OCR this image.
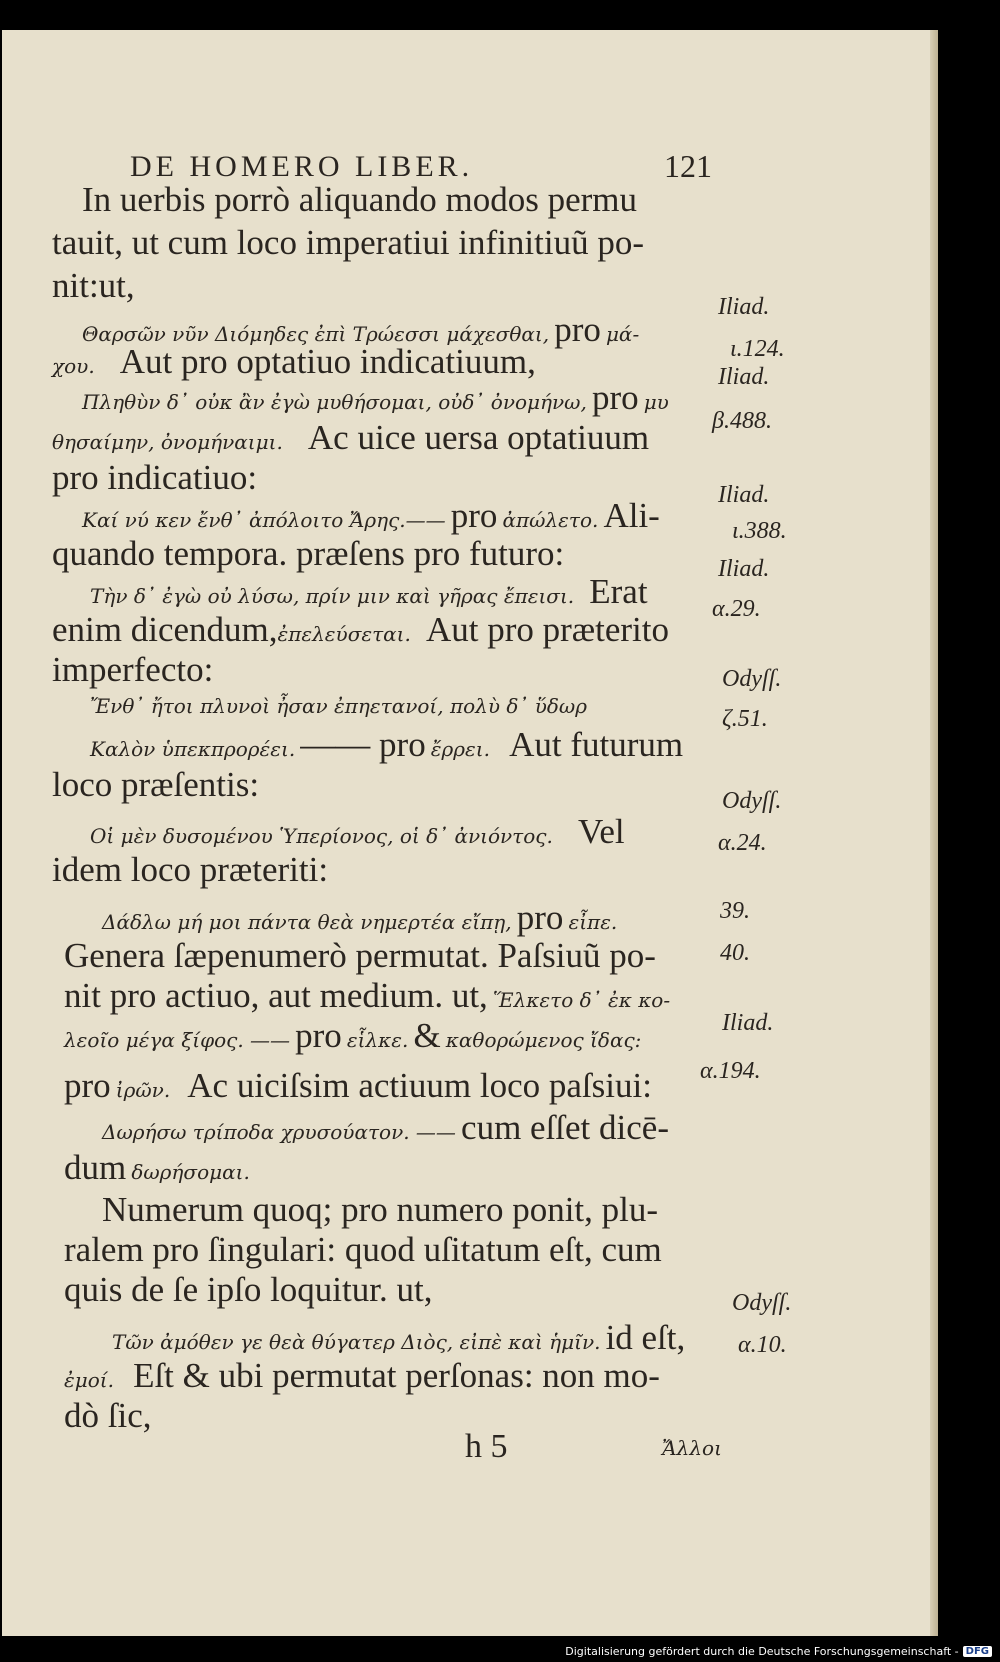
DE HOMERO LIBER.	121
In uerbis porrò aliquando modos permu
tauit, ut cum loco imperatiui infinitiuũ po-
nit:ut,
Θαρσῶν νῦν Διόμηδες ἐπὶ Τρώεσσι μάχεσθαι, pro μά-
χου. Aut pro optatiuo indicatiuum,
Πληθὺν δ᾽ οὐκ ἂν ἐγὼ μυθήσομαι, οὐδ᾽ ὀνομήνω, pro μυ
θησαίμην, ὀνομήναιμι. Ac uice uersa optatiuum
pro indicatiuo:
Καί νύ κεν ἔνθ᾽ ἀπόλοιτο Ἄρης.—— pro ἀπώλετο. Ali-
quando tempora. præſens pro futuro:
Τὴν δ᾽ ἐγὼ οὐ λύσω, πρίν μιν καὶ γῆρας ἔπεισι. Erat
enim dicendum,ἐπελεύσεται. Aut pro præterito
imperfecto:
Ἔνθ᾽ ἤτοι πλυνοὶ ἦσαν ἐπηετανοί, πολὺ δ᾽ ὕδωρ
Καλὸν ὑπεκπρορέει. —— pro ἔρρει. Aut futurum
loco præſentis:
Οἱ μὲν δυσομένου Ὑπερίονος, οἱ δ᾽ ἀνιόντος. Vel
idem loco præteriti:
Δάδλω μή μοι πάντα θεὰ νημερτέα εἴπῃ, pro εἶπε.
Genera ſæpenumerò permutat. Paſsiuũ po-
nit pro actiuo, aut medium. ut, Ἕλκετο δ᾽ ἐκ κο-
λεοῖο μέγα ξίφος. —— pro εἷλκε. & καθορώμενος ἴδας:
pro ἰρῶν. Ac uiciſsim actiuum loco paſsiui:
Δωρήσω τρίποδα χρυσούατον. —— cum eſſet dicē-
dum δωρήσομαι.
Numerum quoq; pro numero ponit, plu-
ralem pro ſingulari: quod uſitatum eſt, cum
quis de ſe ipſo loquitur. ut,
Τῶν ἀμόθεν γε θεὰ θύγατερ Διὸς, εἰπὲ καὶ ἡμῖν. id eſt,
ἐμοί. Eſt & ubi permutat perſonas: non mo-
dò ſic,
Iliad.
ι.124.
Iliad.
β.488.
Iliad.
ι.388.
Iliad.
α.29.
Odyſſ.
ζ.51.
Odyſſ.
α.24.
39.
40.
Iliad.
α.194.
Odyſſ.
α.10.
h 5	Ἄλλοι
Digitalisierung gefördert durch die Deutsche Forschungsgemeinschaft - DFG
